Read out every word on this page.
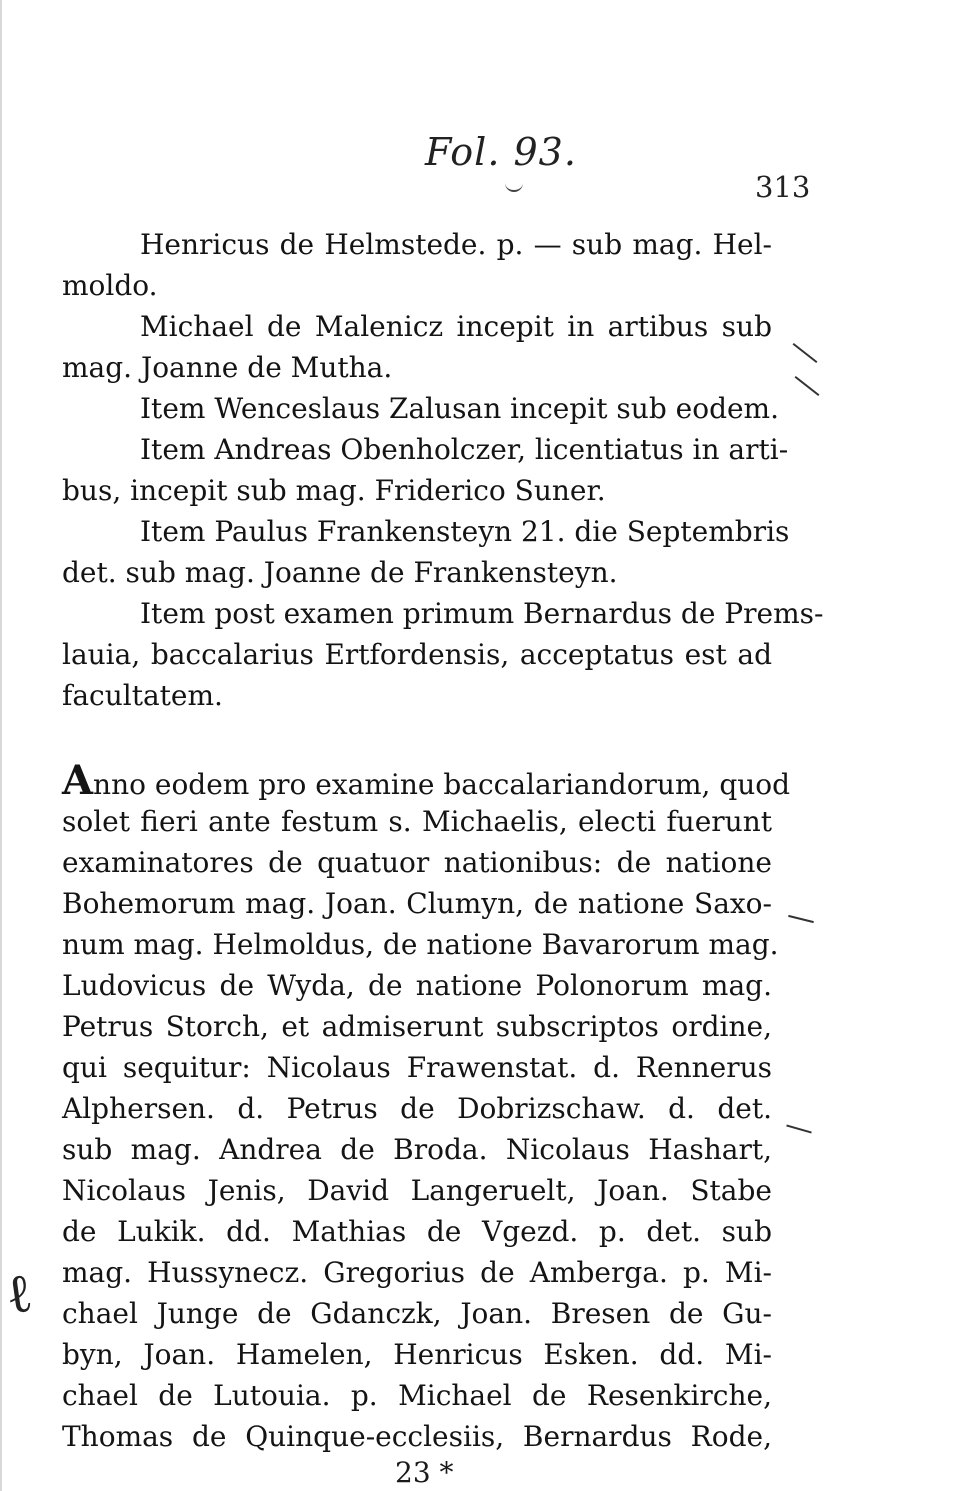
Fol. 93.
313
Henricus de Helmstede. p. — sub mag. Hel-
moldo.
Michael de Malenicz incepit in artibus sub
mag. Joanne de Mutha.
Item Wenceslaus Zalusan incepit sub eodem.
Item Andreas Obenholczer, licentiatus in arti-
bus, incepit sub mag. Friderico Suner.
Item Paulus Frankensteyn 21. die Septembris
det. sub mag. Joanne de Frankensteyn.
Item post examen primum Bernardus de Prems-
lauia, baccalarius Ertfordensis, acceptatus est ad
facultatem.
Anno eodem pro examine baccalariandorum, quod
solet fieri ante festum s. Michaelis, electi fuerunt
examinatores de quatuor nationibus: de natione
Bohemorum mag. Joan. Clumyn, de natione Saxo-
num mag. Helmoldus, de natione Bavarorum mag.
Ludovicus de Wyda, de natione Polonorum mag.
Petrus Storch, et admiserunt subscriptos ordine,
qui sequitur: Nicolaus Frawenstat. d. Rennerus
Alphersen. d. Petrus de Dobrizschaw. d. det.
sub mag. Andrea de Broda. Nicolaus Hashart,
Nicolaus Jenis, David Langeruelt, Joan. Stabe
de Lukik. dd. Mathias de Vgezd. p. det. sub
mag. Hussynecz. Gregorius de Amberga. p. Mi-
chael Junge de Gdanczk, Joan. Bresen de Gu-
byn, Joan. Hamelen, Henricus Esken. dd. Mi-
chael de Lutouia. p. Michael de Resenkirche,
Thomas de Quinque-ecclesiis, Bernardus Rode,
23 *
ℓ
